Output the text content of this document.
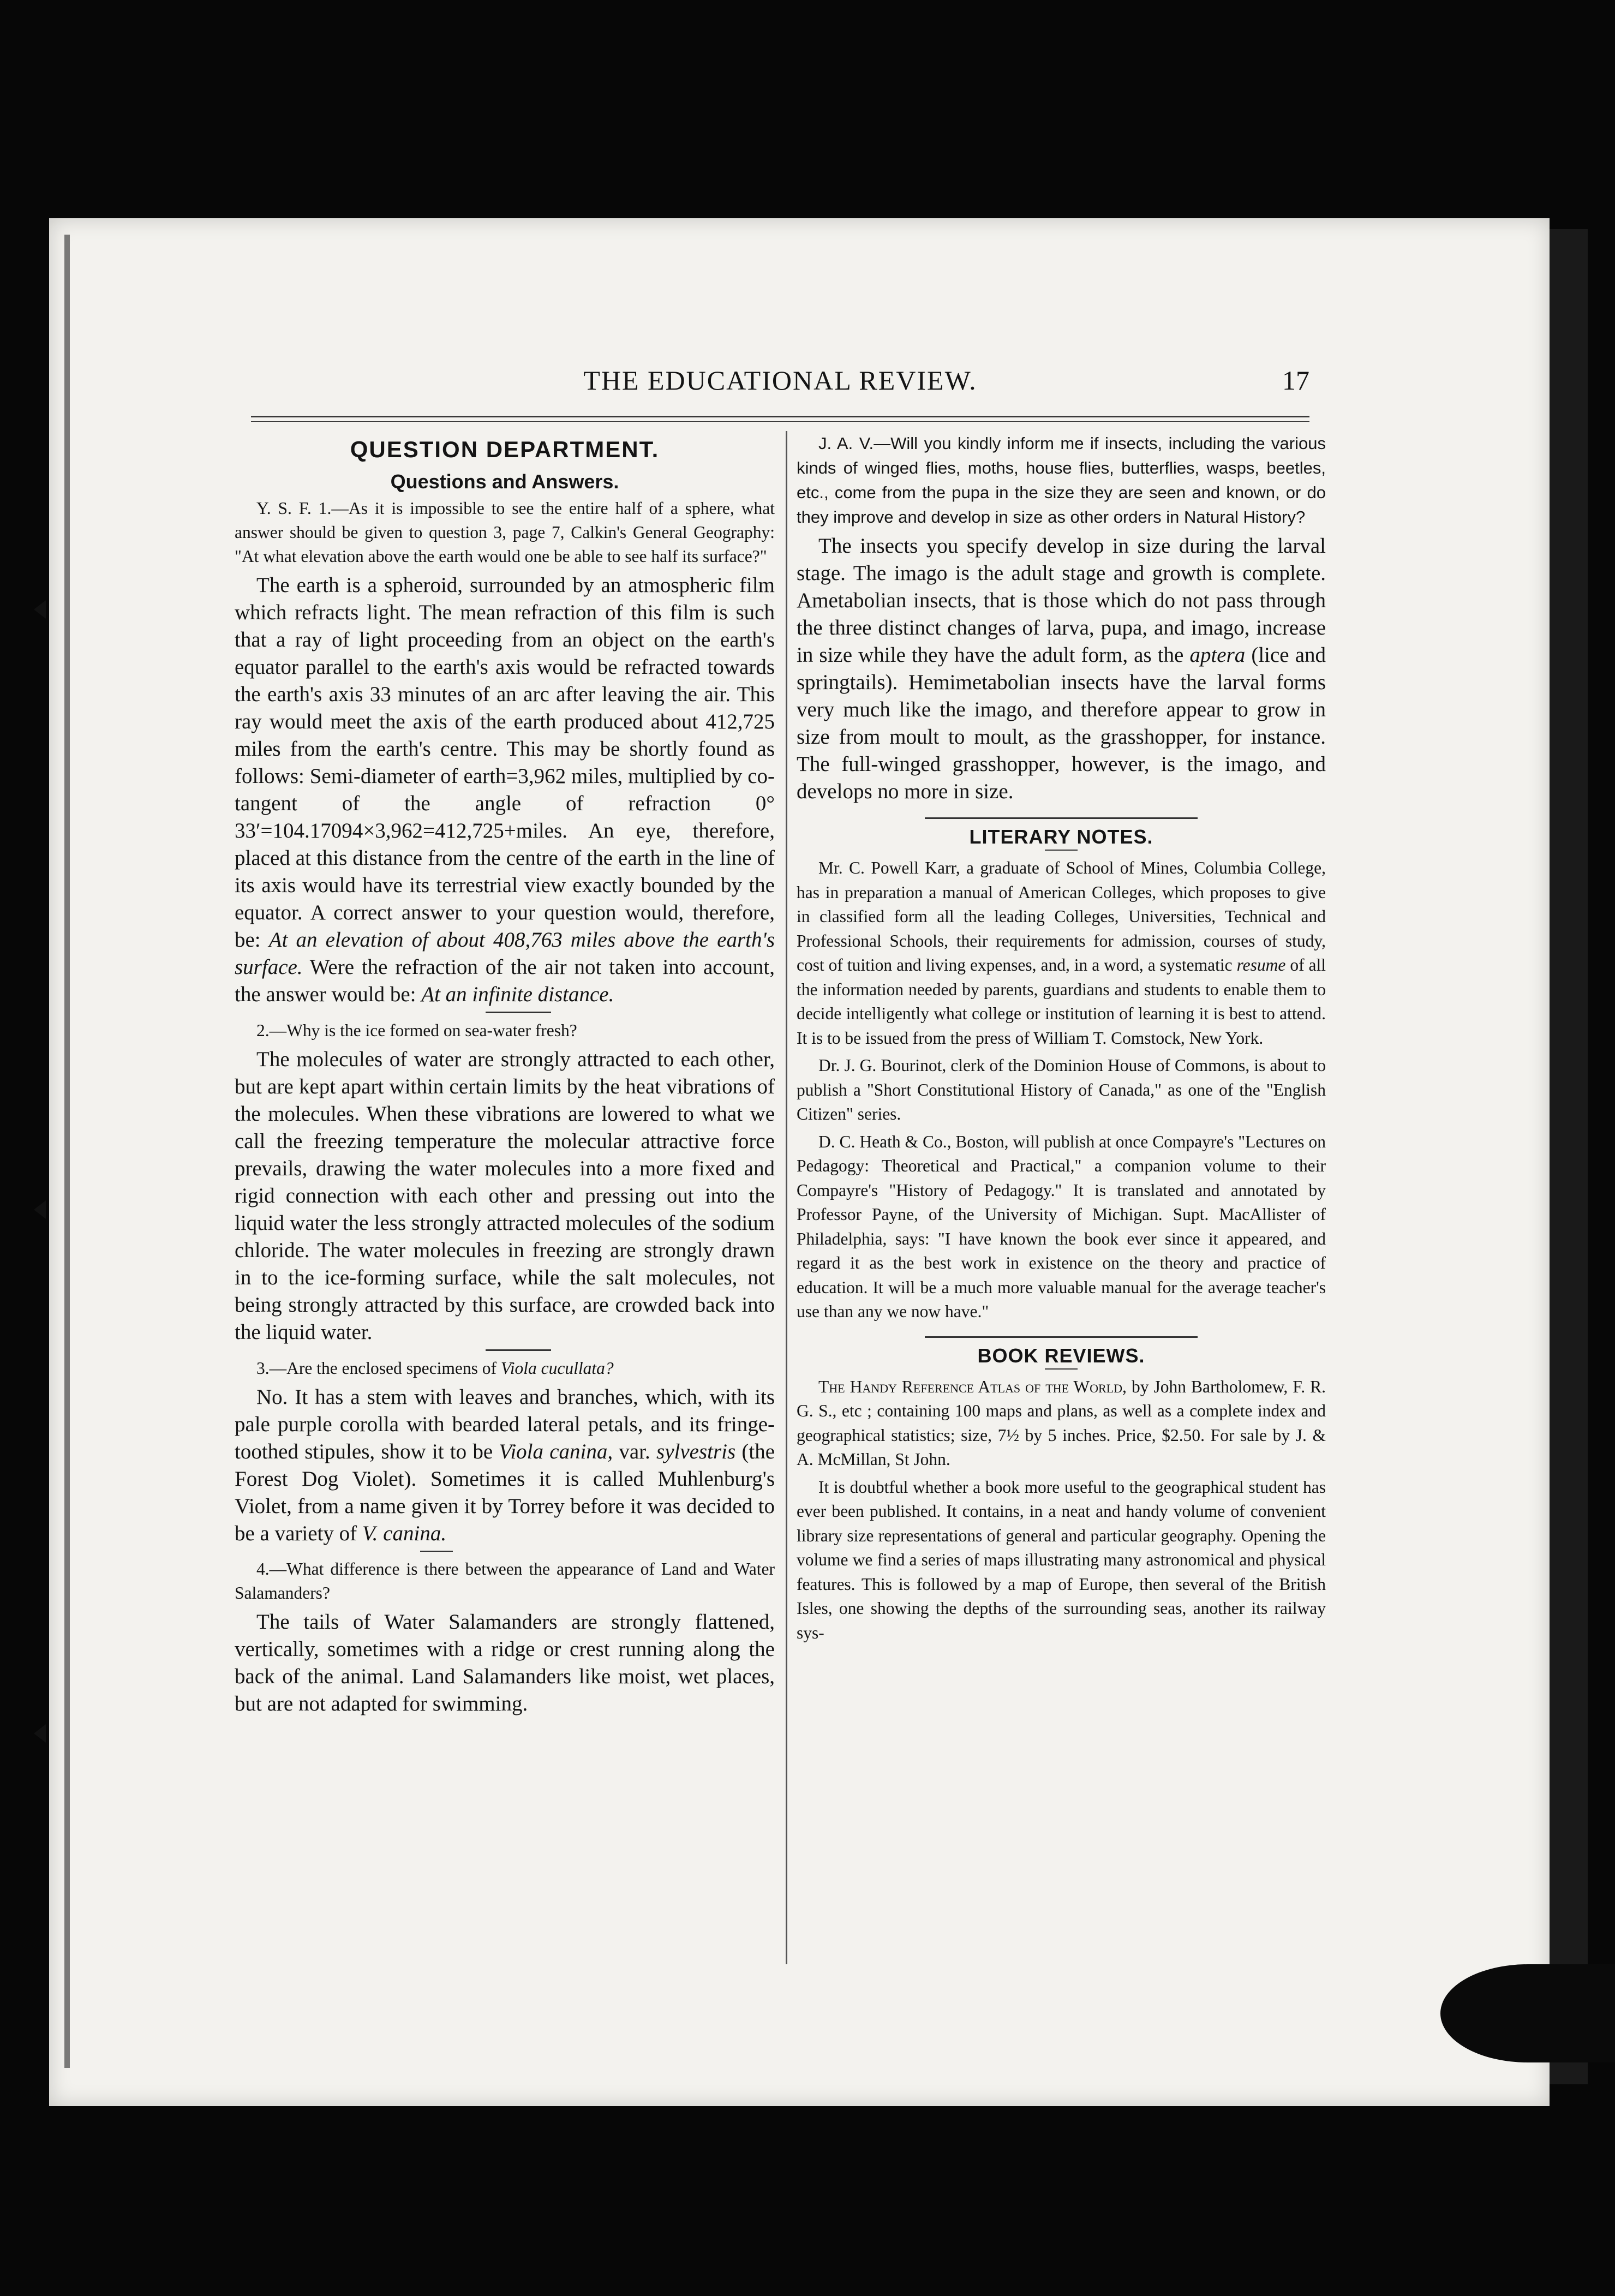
THE EDUCATIONAL REVIEW.	17
QUESTION DEPARTMENT.
Questions and Answers.

Y. S. F. 1.—As it is impossible to see the entire half of a sphere, what answer should be given to question 3, page 7, Calkin's General Geography: "At what elevation above the earth would one be able to see half its surface?"

The earth is a spheroid, surrounded by an atmospheric film which refracts light. The mean refraction of this film is such that a ray of light proceeding from an object on the earth's equator parallel to the earth's axis would be refracted towards the earth's axis 33 minutes of an arc after leaving the air. This ray would meet the axis of the earth produced about 412,725 miles from the earth's centre. This may be shortly found as follows: Semi-diameter of earth=3,962 miles, multiplied by co-tangent of the angle of refraction 0° 33′=104.17094×3,962=412,725+miles. An eye, therefore, placed at this distance from the centre of the earth in the line of its axis would have its terrestrial view exactly bounded by the equator. A correct answer to your question would, therefore, be: At an elevation of about 408,763 miles above the earth's surface. Were the refraction of the air not taken into account, the answer would be: At an infinite distance.

2.—Why is the ice formed on sea-water fresh?

The molecules of water are strongly attracted to each other, but are kept apart within certain limits by the heat vibrations of the molecules. When these vibrations are lowered to what we call the freezing temperature the molecular attractive force prevails, drawing the water molecules into a more fixed and rigid connection with each other and pressing out into the liquid water the less strongly attracted molecules of the sodium chloride. The water molecules in freezing are strongly drawn in to the ice-forming surface, while the salt molecules, not being strongly attracted by this surface, are crowded back into the liquid water.

3.—Are the enclosed specimens of Viola cucullata?

No. It has a stem with leaves and branches, which, with its pale purple corolla with bearded lateral petals, and its fringe-toothed stipules, show it to be Viola canina, var. sylvestris (the Forest Dog Violet). Sometimes it is called Muhlenburg's Violet, from a name given it by Torrey before it was decided to be a variety of V. canina.

4.—What difference is there between the appearance of Land and Water Salamanders?

The tails of Water Salamanders are strongly flattened, vertically, sometimes with a ridge or crest running along the back of the animal. Land Salamanders like moist, wet places, but are not adapted for swimming.

J. A. V.—Will you kindly inform me if insects, including the various kinds of winged flies, moths, house flies, butterflies, wasps, beetles, etc., come from the pupa in the size they are seen and known, or do they improve and develop in size as other orders in Natural History?

The insects you specify develop in size during the larval stage. The imago is the adult stage and growth is complete. Ametabolian insects, that is those which do not pass through the three distinct changes of larva, pupa, and imago, increase in size while they have the adult form, as the aptera (lice and springtails). Hemimetabolian insects have the larval forms very much like the imago, and therefore appear to grow in size from moult to moult, as the grasshopper, for instance. The full-winged grasshopper, however, is the imago, and develops no more in size.

LITERARY NOTES.

Mr. C. Powell Karr, a graduate of School of Mines, Columbia College, has in preparation a manual of American Colleges, which proposes to give in classified form all the leading Colleges, Universities, Technical and Professional Schools, their requirements for admission, courses of study, cost of tuition and living expenses, and, in a word, a systematic resume of all the information needed by parents, guardians and students to enable them to decide intelligently what college or institution of learning it is best to attend. It is to be issued from the press of William T. Comstock, New York.

Dr. J. G. Bourinot, clerk of the Dominion House of Commons, is about to publish a "Short Constitutional History of Canada," as one of the "English Citizen" series.

D. C. Heath & Co., Boston, will publish at once Compayre's "Lectures on Pedagogy: Theoretical and Practical," a companion volume to their Compayre's "History of Pedagogy." It is translated and annotated by Professor Payne, of the University of Michigan. Supt. MacAllister of Philadelphia, says: "I have known the book ever since it appeared, and regard it as the best work in existence on the theory and practice of education. It will be a much more valuable manual for the average teacher's use than any we now have."

BOOK REVIEWS.

The Handy Reference Atlas of the World, by John Bartholomew, F. R. G. S., etc ; containing 100 maps and plans, as well as a complete index and geographical statistics; size, 7½ by 5 inches. Price, $2.50. For sale by J. & A. McMillan, St John.

It is doubtful whether a book more useful to the geographical student has ever been published. It contains, in a neat and handy volume of convenient library size representations of general and particular geography. Opening the volume we find a series of maps illustrating many astronomical and physical features. This is followed by a map of Europe, then several of the British Isles, one showing the depths of the surrounding seas, another its railway sys-
